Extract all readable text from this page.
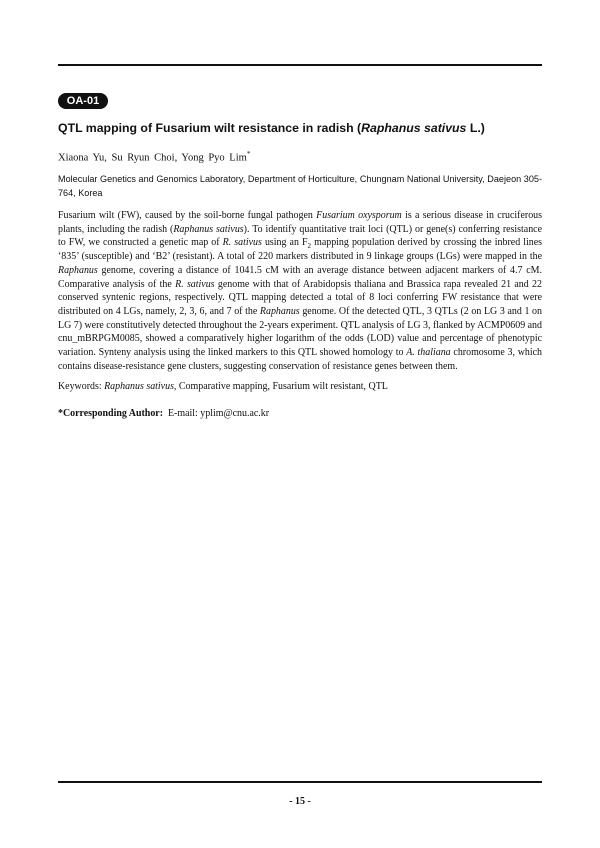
OA-01
QTL mapping of Fusarium wilt resistance in radish (Raphanus sativus L.)
Xiaona Yu, Su Ryun Choi, Yong Pyo Lim*
Molecular Genetics and Genomics Laboratory, Department of Horticulture, Chungnam National University, Daejeon 305-764, Korea
Fusarium wilt (FW), caused by the soil-borne fungal pathogen Fusarium oxysporum is a serious disease in cruciferous plants, including the radish (Raphanus sativus). To identify quantitative trait loci (QTL) or gene(s) conferring resistance to FW, we constructed a genetic map of R. sativus using an $F_2$ mapping population derived by crossing the inbred lines ‘835’ (susceptible) and ‘B2’ (resistant). A total of 220 markers distributed in 9 linkage groups (LGs) were mapped in the Raphanus genome, covering a distance of 1041.5 cM with an average distance between adjacent markers of 4.7 cM. Comparative analysis of the R. sativus genome with that of Arabidopsis thaliana and Brassica rapa revealed 21 and 22 conserved syntenic regions, respectively. QTL mapping detected a total of 8 loci conferring FW resistance that were distributed on 4 LGs, namely, 2, 3, 6, and 7 of the Raphanus genome. Of the detected QTL, 3 QTLs (2 on LG 3 and 1 on LG 7) were constitutively detected throughout the 2-years experiment. QTL analysis of LG 3, flanked by ACMP0609 and cnu_mBRPGM0085, showed a comparatively higher logarithm of the odds (LOD) value and percentage of phenotypic variation. Synteny analysis using the linked markers to this QTL showed homology to A. thaliana chromosome 3, which contains disease-resistance gene clusters, suggesting conservation of resistance genes between them.
Keywords: Raphanus sativus, Comparative mapping, Fusarium wilt resistant, QTL
*Corresponding Author: E-mail: yplim@cnu.ac.kr
- 15 -
